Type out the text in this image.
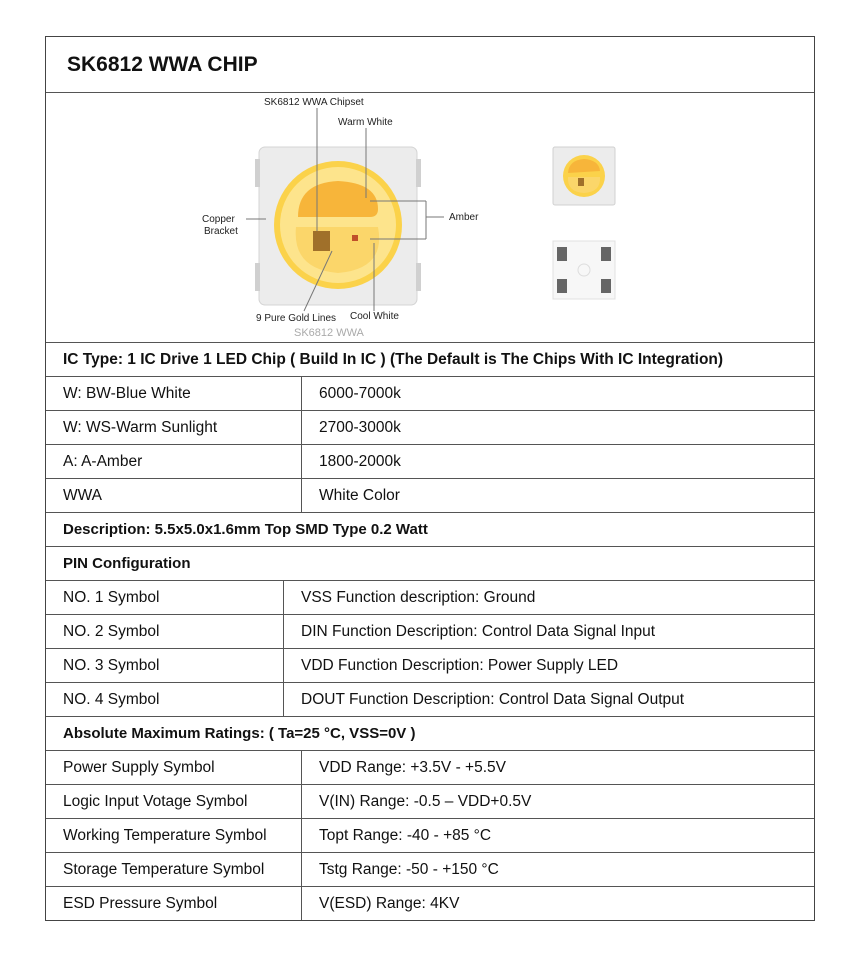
SK6812 WWA CHIP
SK6812 WWA Chipset
Warm White
Copper
Bracket
Amber
9 Pure Gold Lines Cool White
SK6812 WWA
IC Type: 1 IC Drive 1 LED Chip ( Build In IC ) (The Default is The Chips With IC Integration)
W: BW-Blue White	6000-7000k
W: WS-Warm Sunlight	2700-3000k
A: A-Amber	1800-2000k
WWA	White Color
Description: 5.5x5.0x1.6mm Top SMD Type 0.2 Watt
PIN Configuration
NO. 1 Symbol	VSS Function description: Ground
NO. 2 Symbol	DIN Function Description: Control Data Signal Input
NO. 3 Symbol	VDD Function Description: Power Supply LED
NO. 4 Symbol	DOUT Function Description: Control Data Signal Output
Absolute Maximum Ratings: ( Ta=25 °C, VSS=0V )
Power Supply Symbol	VDD Range: +3.5V - +5.5V
Logic Input Votage Symbol	V(IN) Range: -0.5 – VDD+0.5V
Working Temperature Symbol	Topt Range: -40 - +85 °C
Storage Temperature Symbol	Tstg Range: -50 - +150 °C
ESD Pressure Symbol	V(ESD) Range: 4KV
